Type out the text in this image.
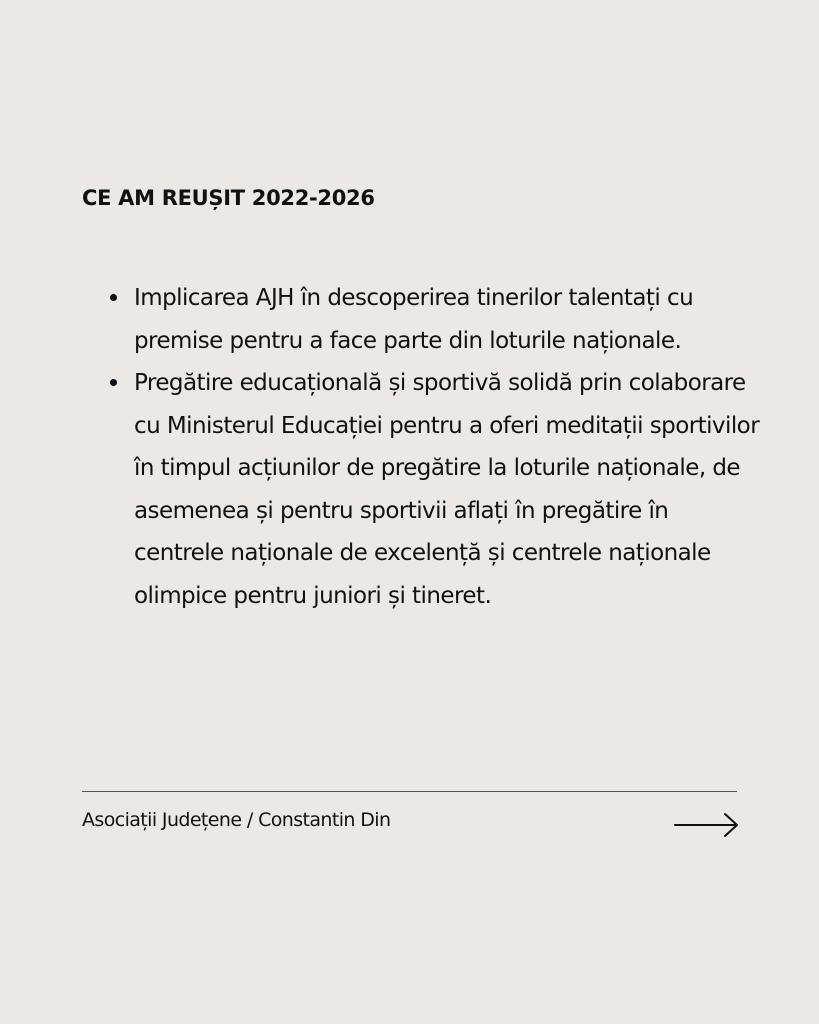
CE AM REUȘIT 2022-2026
Implicarea AJH în descoperirea tinerilor talentați cu premise pentru a face parte din loturile naționale.
Pregătire educațională și sportivă solidă prin colaborare cu Ministerul Educației pentru a oferi meditații sportivilor în timpul acțiunilor de pregătire la loturile naționale, de asemenea și pentru sportivii aflați în pregătire în centrele naționale de excelență și centrele naționale olimpice pentru juniori și tineret.
Asociații Județene / Constantin Din
